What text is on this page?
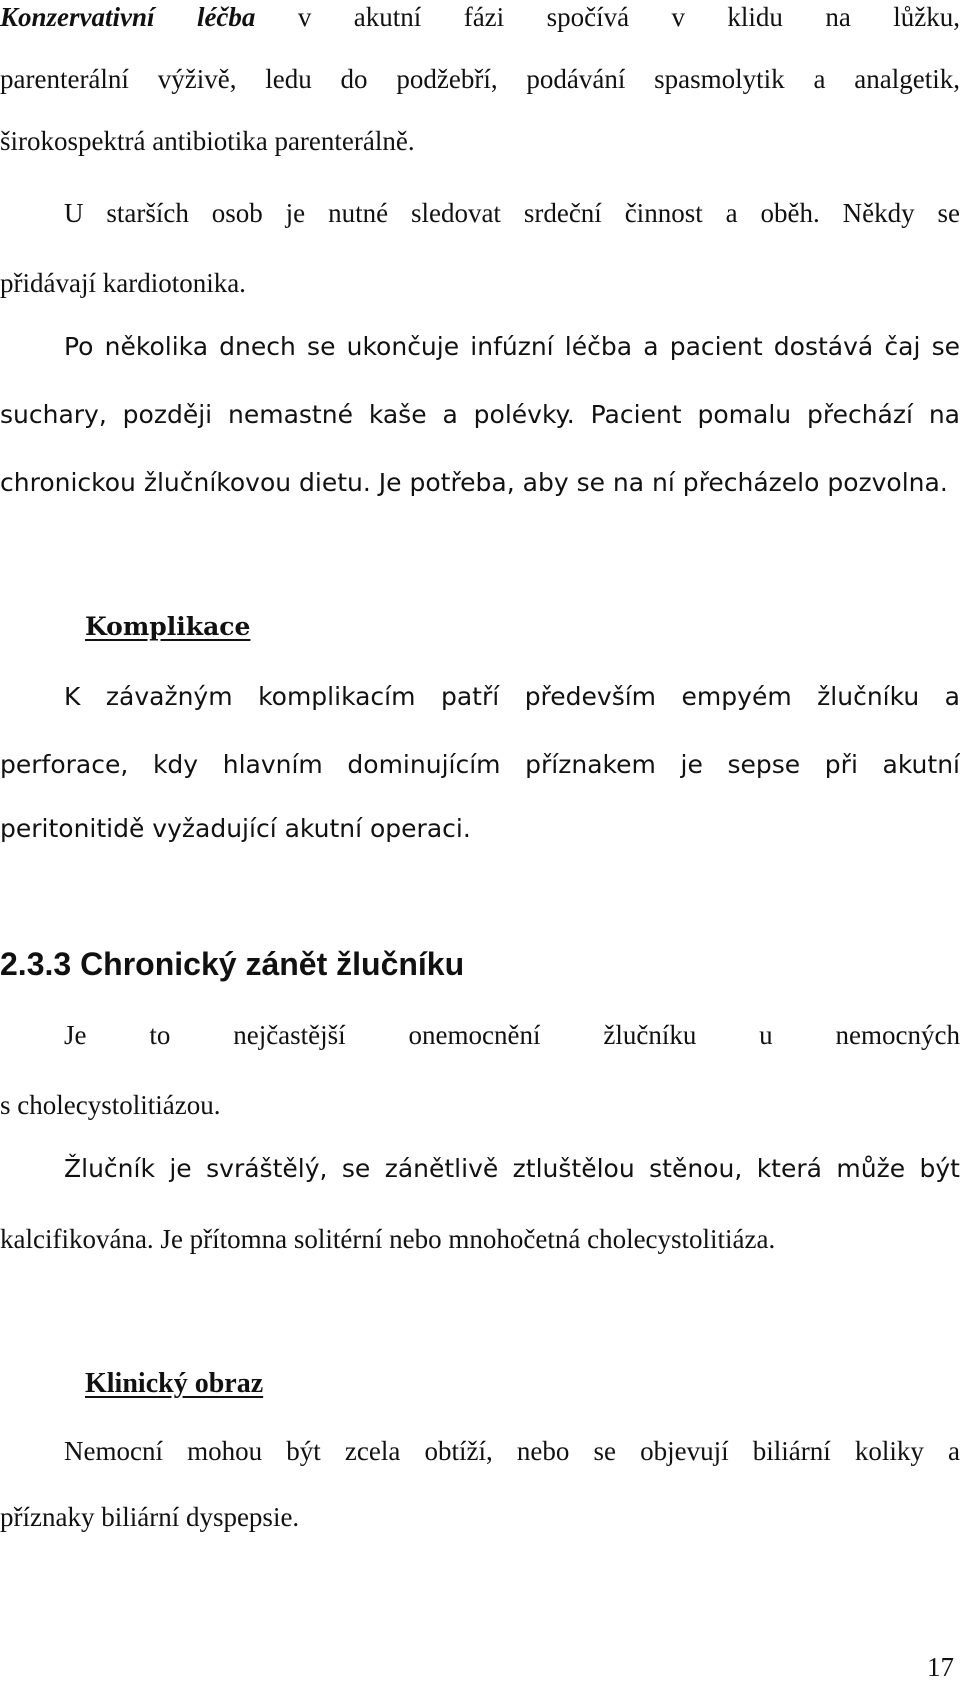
Konzervativní léčba v akutní fázi spočívá v klidu na lůžku,

parenterální výživě, ledu do podžebří, podávání spasmolytik a analgetik,

širokospektrá antibiotika parenterálně.

U starších osob je nutné sledovat srdeční činnost a oběh. Někdy se

přidávají kardiotonika.

Po několika dnech se ukončuje infúzní léčba a pacient dostává čaj se

suchary, později nemastné kaše a polévky. Pacient pomalu přechází na

chronickou žlučníkovou dietu. Je potřeba, aby se na ní přecházelo pozvolna.

Komplikace

K závažným komplikacím patří především empyém žlučníku a

perforace, kdy hlavním dominujícím příznakem je sepse při akutní

peritonitidě vyžadující akutní operaci.

2.3.3 Chronický zánět žlučníku

Je to nejčastější onemocnění žlučníku u nemocných

s cholecystolitiázou.

Žlučník je svráštělý, se zánětlivě ztluštělou stěnou, která může být

kalcifikována. Je přítomna solitérní nebo mnohočetná cholecystolitiáza.

Klinický obraz

Nemocní mohou být zcela obtíží, nebo se objevují biliární koliky a

příznaky biliární dyspepsie.

17
